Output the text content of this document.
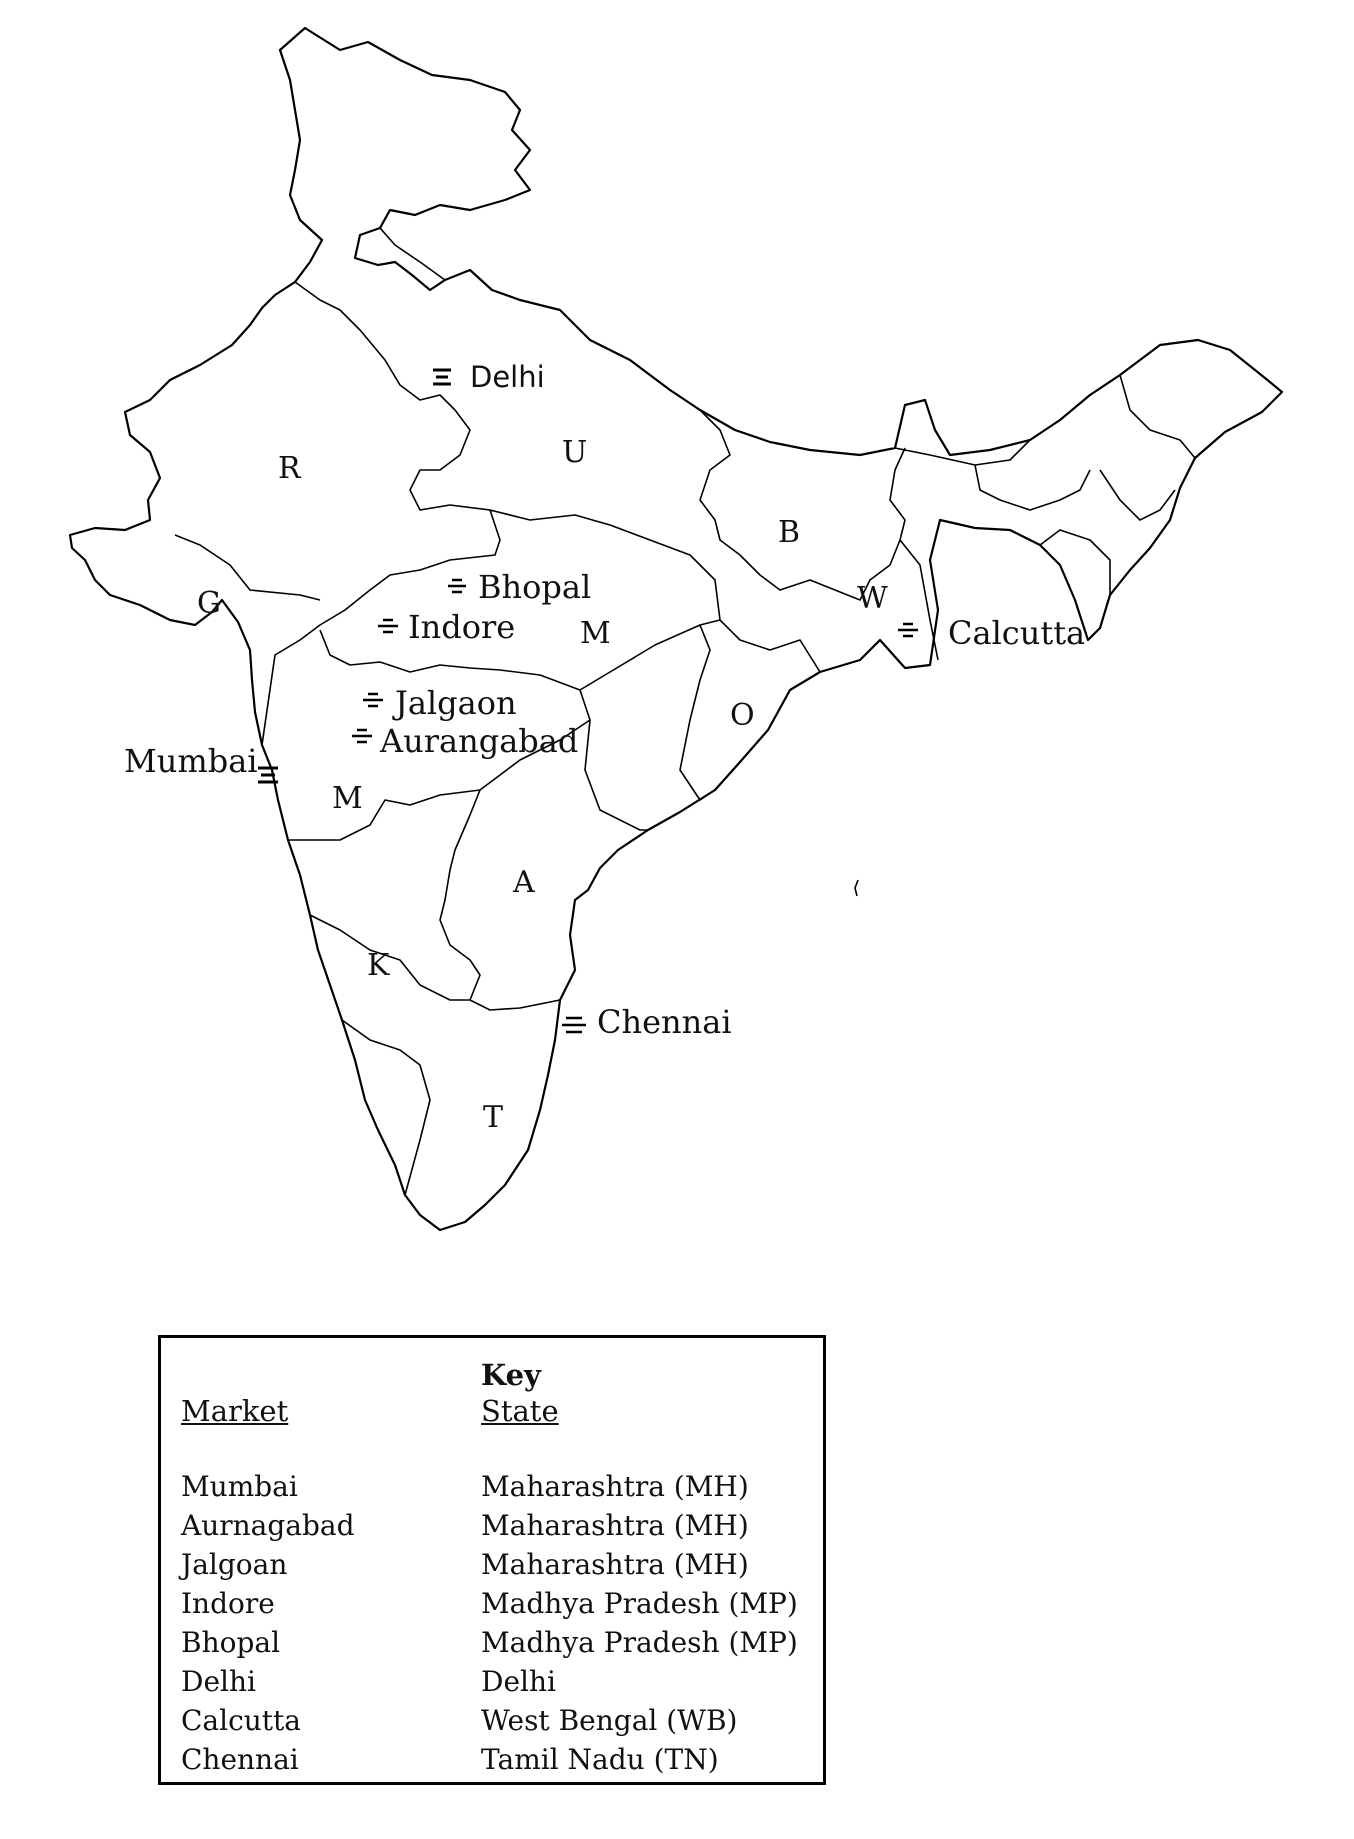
R	U
B
W
G
M
O
M
A
K
T
Delhi
Bhopal
Indore	Calcutta
Jalgaon
Aurangabad
Mumbai
Chennai
Key
Market	State
Mumbai	Maharashtra (MH)
Aurnagabad	Maharashtra (MH)
Jalgoan	Maharashtra (MH)
Indore	Madhya Pradesh (MP)
Bhopal	Madhya Pradesh (MP)
Delhi	Delhi
Calcutta	West Bengal (WB)
Chennai	Tamil Nadu (TN)
